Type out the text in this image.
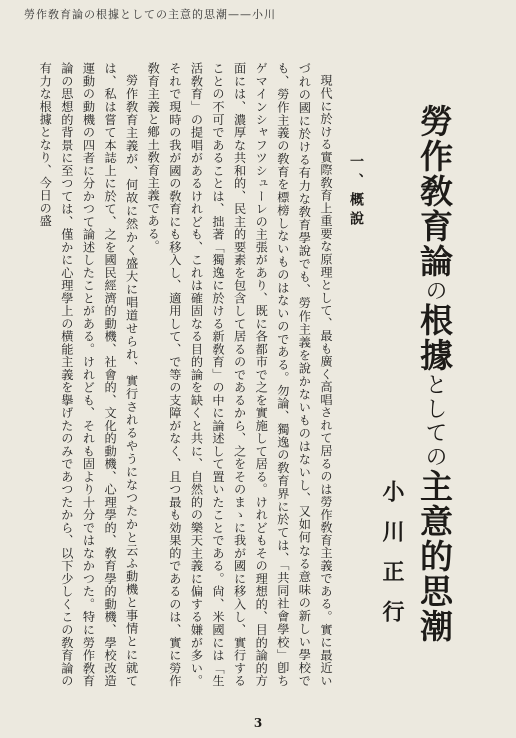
勞作敎育論の根據としての主意的思潮——小川
勞作敎育論の根據としての主意的思潮
小川正行
一、概說

現代に於ける實際敎育上重要な原理として、最も廣く高唱されて居るのは勞作敎育主義である。實に最近いづれの國に於ける有力な敎育學說でも、勞作主義を說かないものはないし、又如何なる意味の新しい學校でも、勞作主義の敎育を標榜しないものはないのである。勿論、獨逸の敎育界に於ては、「共同社會學校」卽ちゲマインシャフツシューレの主張があり、既に各都市で之を實施して居る。けれどもその理想的、目的論的方面には、濃厚な共和的、民主的要素を包含して居るのであるから、之をそのまゝに我が國に移入し、實行することの不可であることは、拙著「獨逸に於ける新敎育」の中に論述して置いたことである。尙、米國には「生活敎育」の提唱があるけれども、これは確固なる目的論を缺くと共に、自然的の樂天主義に偏する嫌が多い。それで現時の我が國の敎育にも移入し、適用して、で等の支障がなく、且つ最も効果的であるのは、實に勞作敎育主義と鄕土敎育主義である。

勞作敎育主義が、何故に然かく盛大に唱道せられ、實行されるやうになつたかと云ふ動機と事情とに就ては、私は嘗て本誌上に於て、之を國民經濟的動機、社會的、文化的動機、心理學的、敎育學的動機、學校改造運動の動機の四者に分かつて論述したことがある。けれども、それも固より十分ではなかつた。特に勞作敎育論の思想的背景に至つては、僅かに心理學上の横能主義を擧げたのみであつたから、以下少しくこの敎育論の有力な根據となり、今日の盛

3
